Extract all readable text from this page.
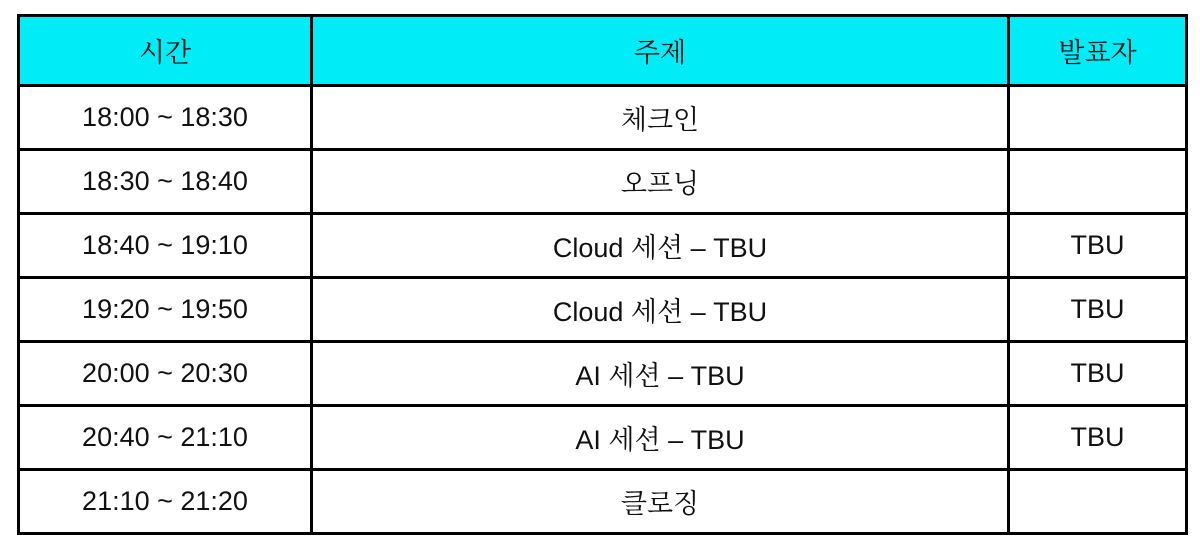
시간	주제	발표자
18:00 ~ 18:30	체크인	
18:30 ~ 18:40	오프닝	
18:40 ~ 19:10	Cloud 세션 – TBU	TBU
19:20 ~ 19:50	Cloud 세션 – TBU	TBU
20:00 ~ 20:30	AI 세션 – TBU	TBU
20:40 ~ 21:10	AI 세션 – TBU	TBU
21:10 ~ 21:20	클로징	
